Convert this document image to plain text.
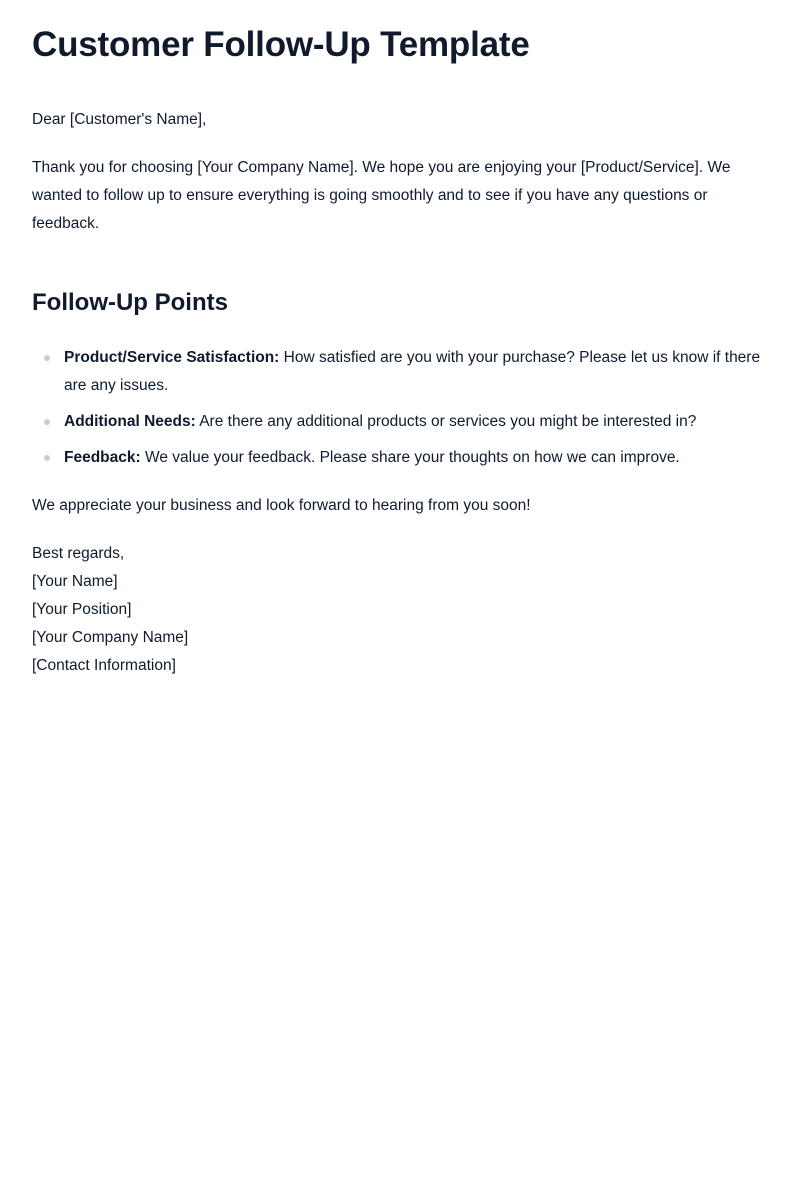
Customer Follow-Up Template

Dear [Customer's Name],

Thank you for choosing [Your Company Name]. We hope you are enjoying your [Product/Service]. We wanted to follow up to ensure everything is going smoothly and to see if you have any questions or feedback.

Follow-Up Points
Product/Service Satisfaction: How satisfied are you with your purchase? Please let us know if there are any issues.
Additional Needs: Are there any additional products or services you might be interested in?
Feedback: We value your feedback. Please share your thoughts on how we can improve.

We appreciate your business and look forward to hearing from you soon!

Best regards,
[Your Name]
[Your Position]
[Your Company Name]
[Contact Information]
